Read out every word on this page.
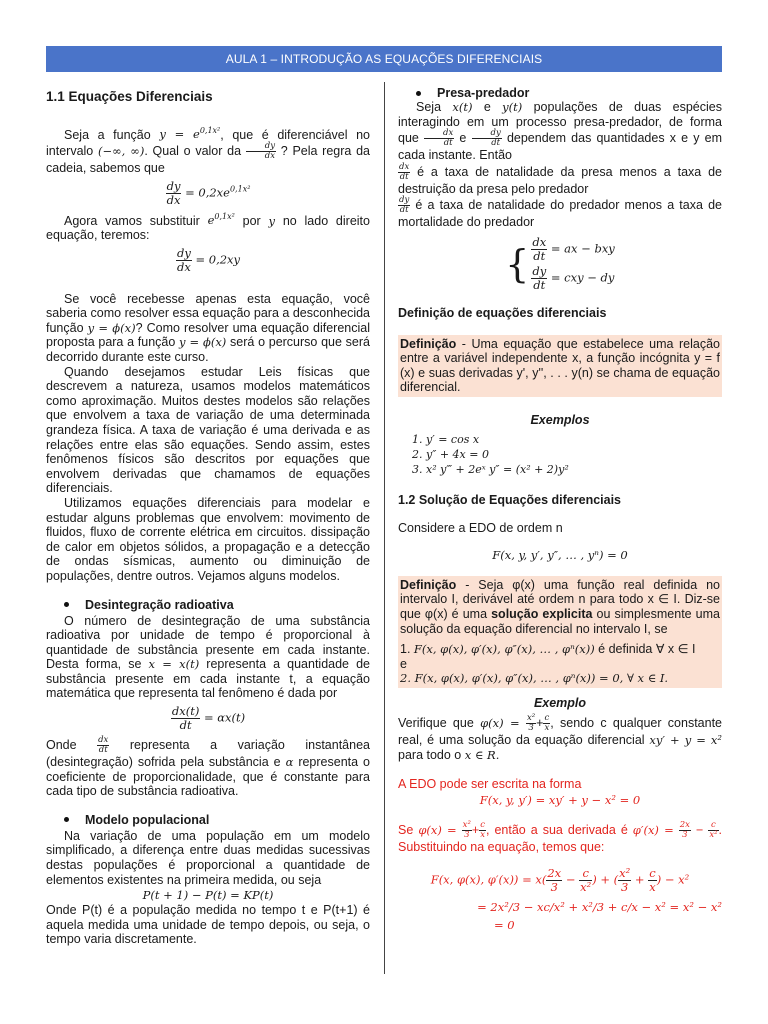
AULA 1 – INTRODUÇÃO AS EQUAÇÕES DIFERENCIAIS

1.1 Equações Diferenciais

Seja a função $y = e^{0,1x^2}$, que é diferenciável no intervalo (−∞, ∞). Qual o valor da $\frac{dy}{dx}$ ? Pela regra da cadeia, sabemos que

$\frac{dy}{dx} = 0,2xe^{0,1x^2}$

Agora vamos substituir $e^{0,1x^2}$ por y no lado direito equação, teremos:

$\frac{dy}{dx} = 0,2xy$

Se você recebesse apenas esta equação, você saberia como resolver essa equação para a desconhecida função y = ϕ(x)? Como resolver uma equação diferencial proposta para a função y = ϕ(x) será o percurso que será decorrido durante este curso.

Quando desejamos estudar Leis físicas que descrevem a natureza, usamos modelos matemáticos como aproximação. Muitos destes modelos são relações que envolvem a taxa de variação de uma determinada grandeza física. A taxa de variação é uma derivada e as relações entre elas são equações. Sendo assim, estes fenômenos físicos são descritos por equações que envolvem derivadas que chamamos de equações diferenciais.

Utilizamos equações diferenciais para modelar e estudar alguns problemas que envolvem: movimento de fluidos, fluxo de corrente elétrica em circuitos. dissipação de calor em objetos sólidos, a propagação e a detecção de ondas sísmicas, aumento ou diminuição de populações, dentre outros. Vejamos alguns modelos.

Desintegração radioativa

O número de desintegração de uma substância radioativa por unidade de tempo é proporcional à quantidade de substância presente em cada instante. Desta forma, se x = x(t) representa a quantidade de substância presente em cada instante t, a equação matemática que representa tal fenômeno é dada por

$\frac{dx(t)}{dt} = \alpha x(t)$

Onde $\frac{dx}{dt}$ representa a variação instantânea (desintegração) sofrida pela substância e α representa o coeficiente de proporcionalidade, que é constante para cada tipo de substância radioativa.

Modelo populacional

Na variação de uma população em um modelo simplificado, a diferença entre duas medidas sucessivas destas populações é proporcional a quantidade de elementos existentes na primeira medida, ou seja

P(t + 1) − P(t) = KP(t)

Onde P(t) é a população medida no tempo t e P(t+1) é aquela medida uma unidade de tempo depois, ou seja, o tempo varia discretamente.

Presa-predador

Seja x(t) e y(t) populações de duas espécies interagindo em um processo presa-predador, de forma que $\frac{dx}{dt}$ e $\frac{dy}{dt}$ dependem das quantidades x e y em cada instante. Então

$\frac{dx}{dt}$ é a taxa de natalidade da presa menos a taxa de destruição da presa pelo predador

$\frac{dy}{dt}$ é a taxa de natalidade do predador menos a taxa de mortalidade do predador

{ $\frac{dx}{dt}$ = ax − bxy
$\frac{dy}{dt}$ = cxy − dy

Definição de equações diferenciais

Definição - Uma equação que estabelece uma relação entre a variável independente x, a função incógnita y = f (x) e suas derivadas y', y'', . . . y(n) se chama de equação diferencial.

Exemplos

1. y′ = cos x
2. y″ + 4x = 0
3. x² y‴ + 2eˣ y″ = (x² + 2)y²

1.2 Solução de Equações diferenciais

Considere a EDO de ordem n

F(x, y, y′, y″, … , yⁿ) = 0

Definição - Seja φ(x) uma função real definida no intervalo I, derivável até ordem n para todo x ∈ I. Diz-se que φ(x) é uma solução explicita ou simplesmente uma solução da equação diferencial no intervalo I, se

1. F(x, φ(x), φ′(x), φ″(x), … , φⁿ(x)) é definida ∀ x ∈ I

e

2. F(x, φ(x), φ′(x), φ″(x), … , φⁿ(x)) = 0, ∀ x ∈ I.

Exemplo

Verifique que $\varphi(x) = \frac{\text{x²}}{3} + \frac{c}{x}$ , sendo c qualquer constante real, é uma solução da equação diferencial xy′ + y = x² para todo o x ∈ R.

A EDO pode ser escrita na forma

F(x, y, y′) = xy′ + y − x² = 0

Se $\varphi(x) = \frac{\text{x²}}{3} + \frac{c}{x}$ , então a sua derivada é $\varphi'(x) = \frac{2x}{3} - \frac{c}{\text{x²}}$ . Substituindo na equação, temos que:

F(x, φ(x), $\varphi'(x)) = x( \frac{2x}{3} - \frac{c}{\text{x²}}$ ) + ( $\frac{\text{x²}}{3} + \frac{c}{x}$ ) − x²
= 2x²/3 − xc/x² + x²/3 + c/x − x² = x² − x²
= 0
